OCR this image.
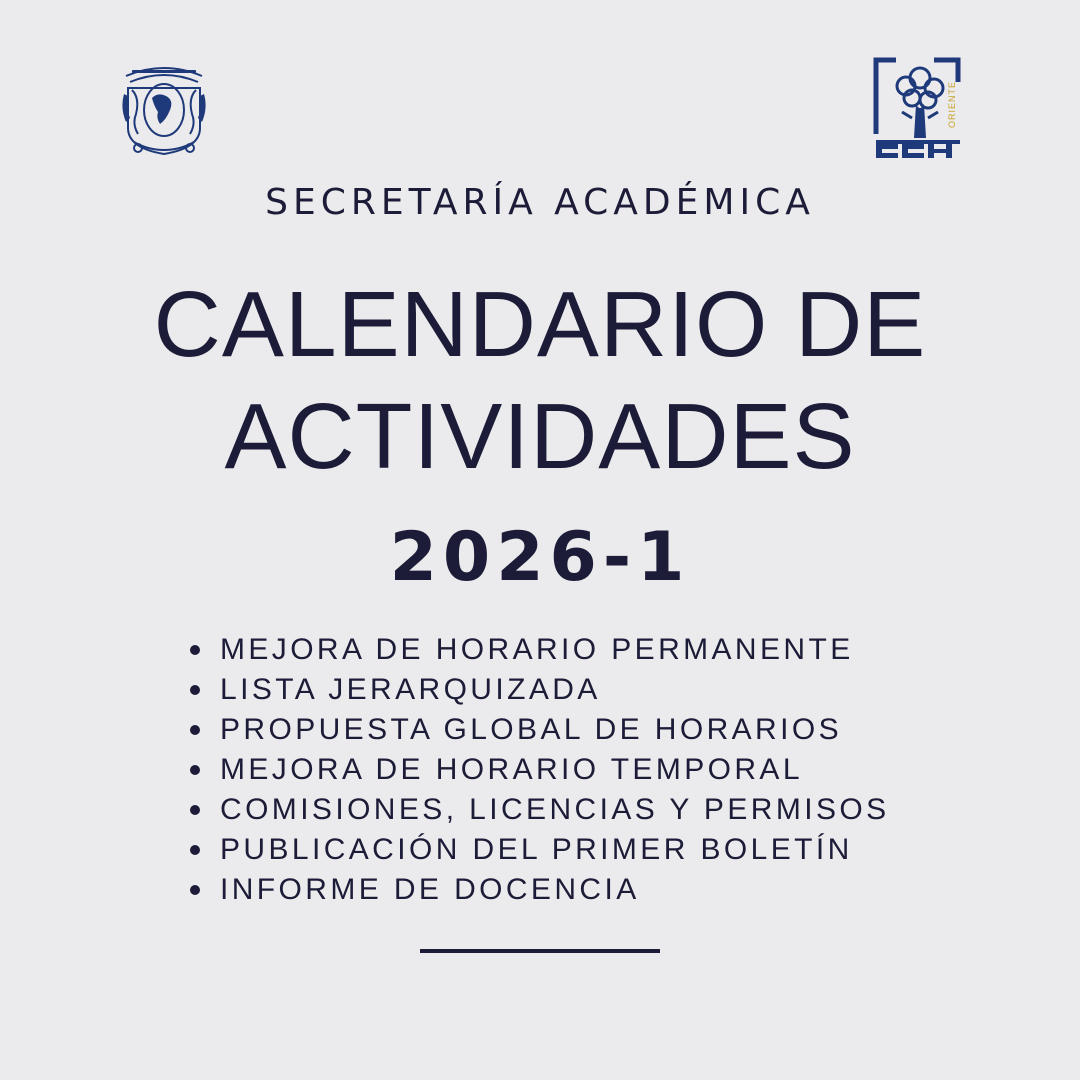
ORIENTE
SECRETARÍA ACADÉMICA
CALENDARIO DE
ACTIVIDADES
2026-1
MEJORA DE HORARIO PERMANENTE
LISTA JERARQUIZADA
PROPUESTA GLOBAL DE HORARIOS
MEJORA DE HORARIO TEMPORAL
COMISIONES, LICENCIAS Y PERMISOS
PUBLICACIÓN DEL PRIMER BOLETÍN
INFORME DE DOCENCIA
